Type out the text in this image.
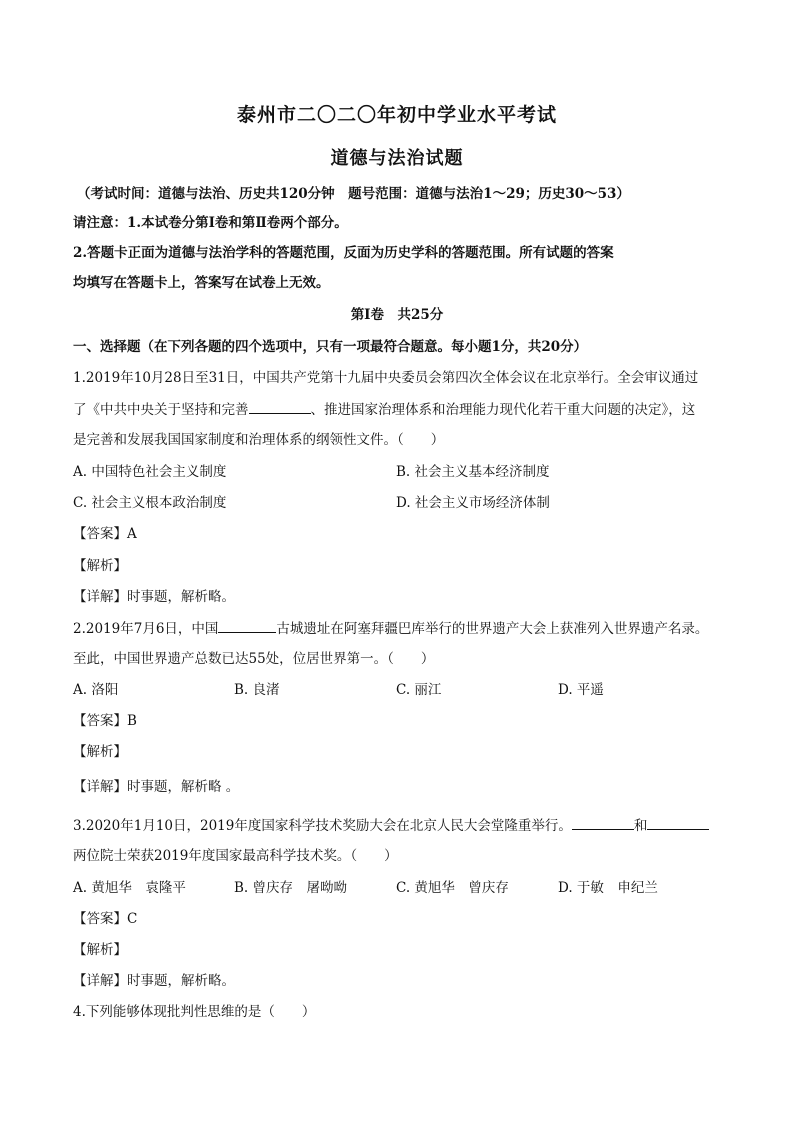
泰州市二〇二〇年初中学业水平考试
道德与法治试题
（考试时间：道德与法治、历史共120分钟　题号范围：道德与法治1～29；历史30～53）
请注意：1.本试卷分第Ⅰ卷和第Ⅱ卷两个部分。
2.答题卡正面为道德与法治学科的答题范围，反面为历史学科的答题范围。所有试题的答案
均填写在答题卡上，答案写在试卷上无效。
第Ⅰ卷　共25分
一、选择题（在下列各题的四个选项中，只有一项最符合题意。每小题1分，共20分）
1.2019年10月28日至31日，中国共产党第十九届中央委员会第四次全体会议在北京举行。全会审议通过
了《中共中央关于坚持和完善	、推进国家治理体系和治理能力现代化若干重大问题的决定》，这
是完善和发展我国国家制度和治理体系的纲领性文件。（　　）
A. 中国特色社会主义制度	B. 社会主义基本经济制度
C. 社会主义根本政治制度	D. 社会主义市场经济体制
【答案】A
【解析】
【详解】时事题，解析略。
2.2019年7月6日，中国	古城遗址在阿塞拜疆巴库举行的世界遗产大会上获准列入世界遗产名录。
至此，中国世界遗产总数已达55处，位居世界第一。（　　）
A. 洛阳	B. 良渚	C. 丽江	D. 平遥
【答案】B
【解析】
【详解】时事题，解析略 。
3.2020年1月10日，2019年度国家科学技术奖励大会在北京人民大会堂隆重举行。	和
两位院士荣获2019年度国家最高科学技术奖。（　　）
A. 黄旭华　袁隆平	B. 曾庆存　屠呦呦	C. 黄旭华　曾庆存	D. 于敏　申纪兰
【答案】C
【解析】
【详解】时事题，解析略。
4.下列能够体现批判性思维的是（　　）
